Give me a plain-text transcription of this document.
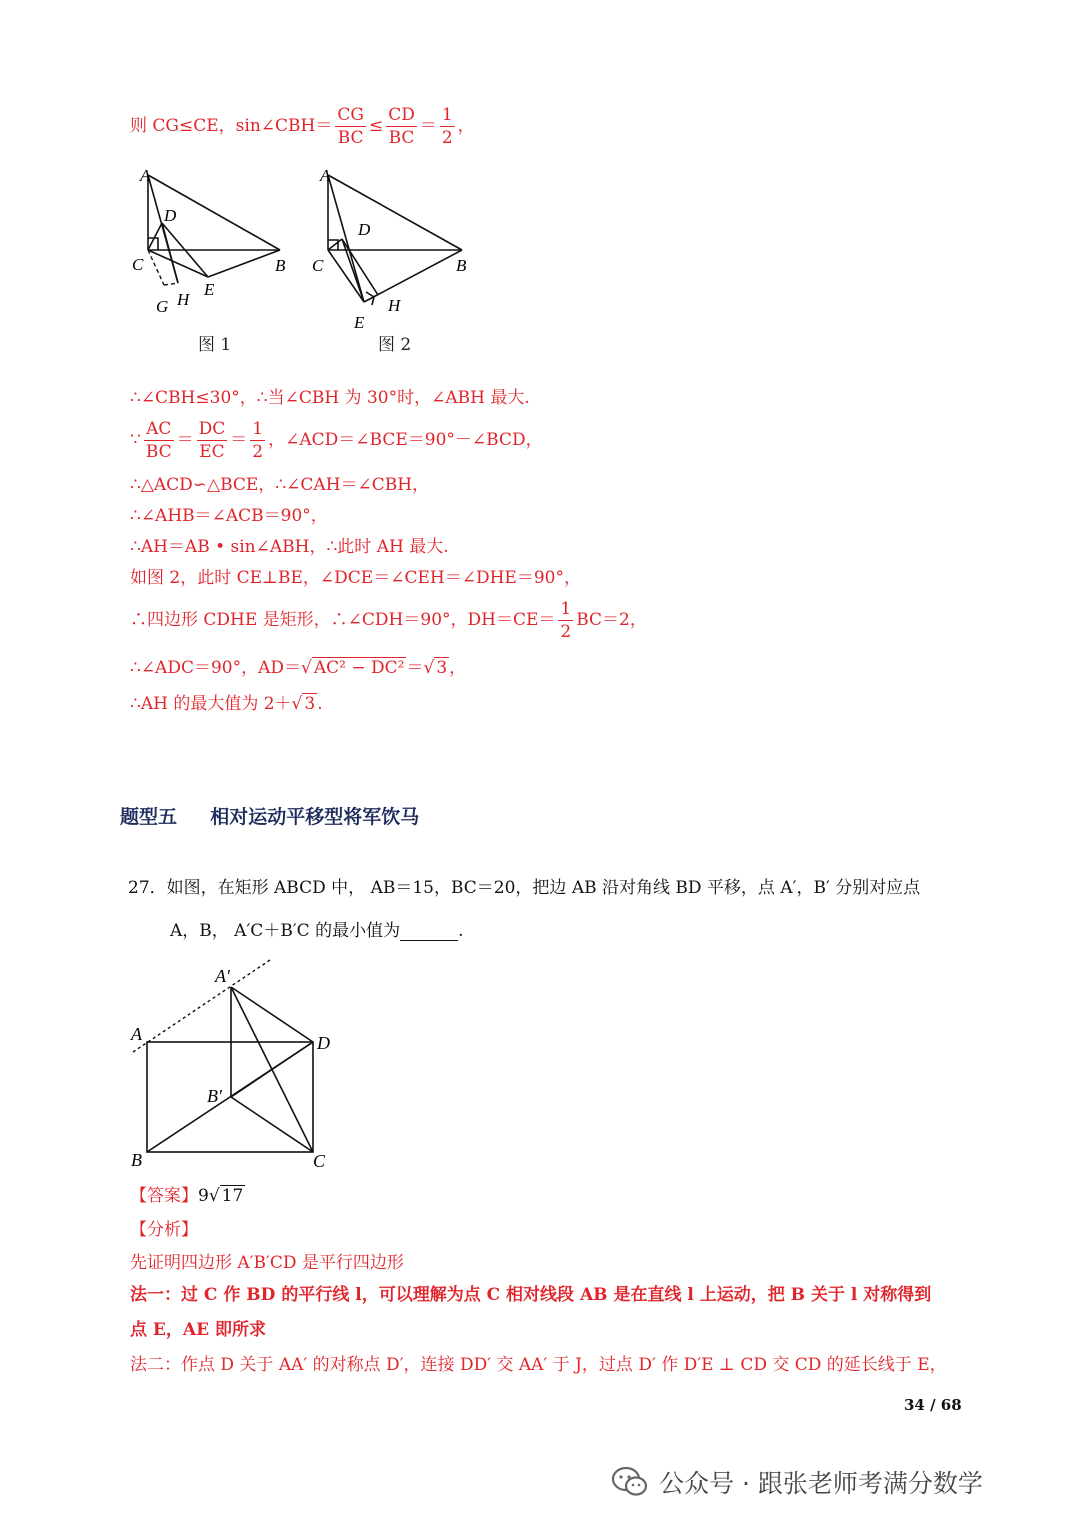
则 CG≤CE，sin∠CBH＝ $\frac{CG}{BC} \le \frac{CD}{BC} = \frac{1}{2}$ ，
A
D
C	B
E
H
G
图 1
A
D
C	B
H
E
图 2
∴∠CBH≤30°，∴当∠CBH 为 30°时，∠ABH 最大.
∵ $\frac{AC}{BC} = \frac{DC}{EC} = \frac{1}{2}$ ，∠ACD＝∠BCE＝90°－∠BCD，
∴△ACD∽△BCE，∴∠CAH＝∠CBH，
∴∠AHB＝∠ACB＝90°，
∴AH＝AB • sin∠ABH，∴此时 AH 最大.
如图 2，此时 CE⊥BE，∠DCE＝∠CEH＝∠DHE＝90°，
∴四边形 CDHE 是矩形，∴∠CDH＝90°，$DH=CE= \frac{1}{2} BC=2$，
∴∠ADC＝90°，AD＝√ AC² − DC² ＝√ 3 ，
∴AH 的最大值为 2＋√ 3 .
题型五 相对运动平移型将军饮马
27．如图，在矩形 ABCD 中， AB＝15，BC＝20，把边 AB 沿对角线 BD 平移，点 A′，B′ 分别对应点
A，B， A′C＋B′C 的最小值为	.
A′
A	D
B′
B	C
【答案】9√ 17
【分析】
先证明四边形 A′B′CD 是平行四边形
法一：过 C 作 BD 的平行线 l，可以理解为点 C 相对线段 AB 是在直线 l 上运动，把 B 关于 l 对称得到
点 E，AE 即所求
法二：作点 D 关于 AA′ 的对称点 D′，连接 DD′ 交 AA′ 于 J，过点 D′ 作 D′E ⊥ CD 交 CD 的延长线于 E，
34 / 68
公众号 · 跟张老师考满分数学
